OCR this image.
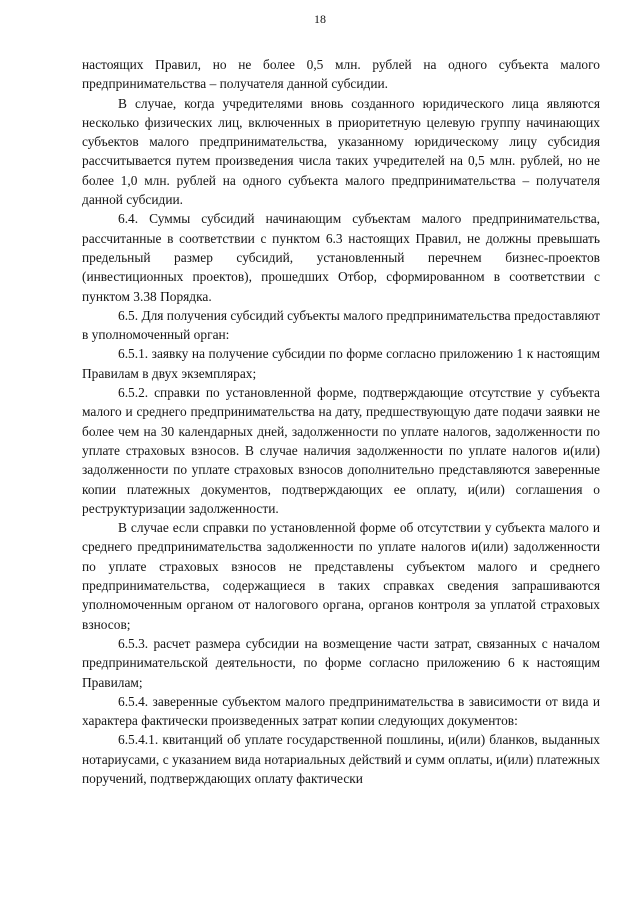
18

настоящих Правил, но не более 0,5 млн. рублей на одного субъекта малого предпринимательства – получателя данной субсидии.

В случае, когда учредителями вновь созданного юридического лица являются несколько физических лиц, включенных в приоритетную целевую группу начинающих субъектов малого предпринимательства, указанному юридическому лицу субсидия рассчитывается путем произведения числа таких учредителей на 0,5 млн. рублей, но не более 1,0 млн. рублей на одного субъекта малого предпринимательства – получателя данной субсидии.

6.4. Суммы субсидий начинающим субъектам малого предпринимательства, рассчитанные в соответствии с пунктом 6.3 настоящих Правил, не должны превышать предельный размер субсидий, установленный перечнем бизнес-проектов (инвестиционных проектов), прошедших Отбор, сформированном в соответствии с пунктом 3.38 Порядка.

6.5. Для получения субсидий субъекты малого предпринимательства предоставляют в уполномоченный орган:

6.5.1. заявку на получение субсидии по форме согласно приложению 1 к настоящим Правилам в двух экземплярах;

6.5.2. справки по установленной форме, подтверждающие отсутствие у субъекта малого и среднего предпринимательства на дату, предшествующую дате подачи заявки не более чем на 30 календарных дней, задолженности по уплате налогов, задолженности по уплате страховых взносов. В случае наличия задолженности по уплате налогов и(или) задолженности по уплате страховых взносов дополнительно представляются заверенные копии платежных документов, подтверждающих ее оплату, и(или) соглашения о реструктуризации задолженности.

В случае если справки по установленной форме об отсутствии у субъекта малого и среднего предпринимательства задолженности по уплате налогов и(или) задолженности по уплате страховых взносов не представлены субъектом малого и среднего предпринимательства, содержащиеся в таких справках сведения запрашиваются уполномоченным органом от налогового органа, органов контроля за уплатой страховых взносов;

6.5.3. расчет размера субсидии на возмещение части затрат, связанных с началом предпринимательской деятельности, по форме согласно приложению 6 к настоящим Правилам;

6.5.4. заверенные субъектом малого предпринимательства в зависимости от вида и характера фактически произведенных затрат копии следующих документов:

6.5.4.1. квитанций об уплате государственной пошлины, и(или) бланков, выданных нотариусами, с указанием вида нотариальных действий и сумм оплаты, и(или) платежных поручений, подтверждающих оплату фактически
